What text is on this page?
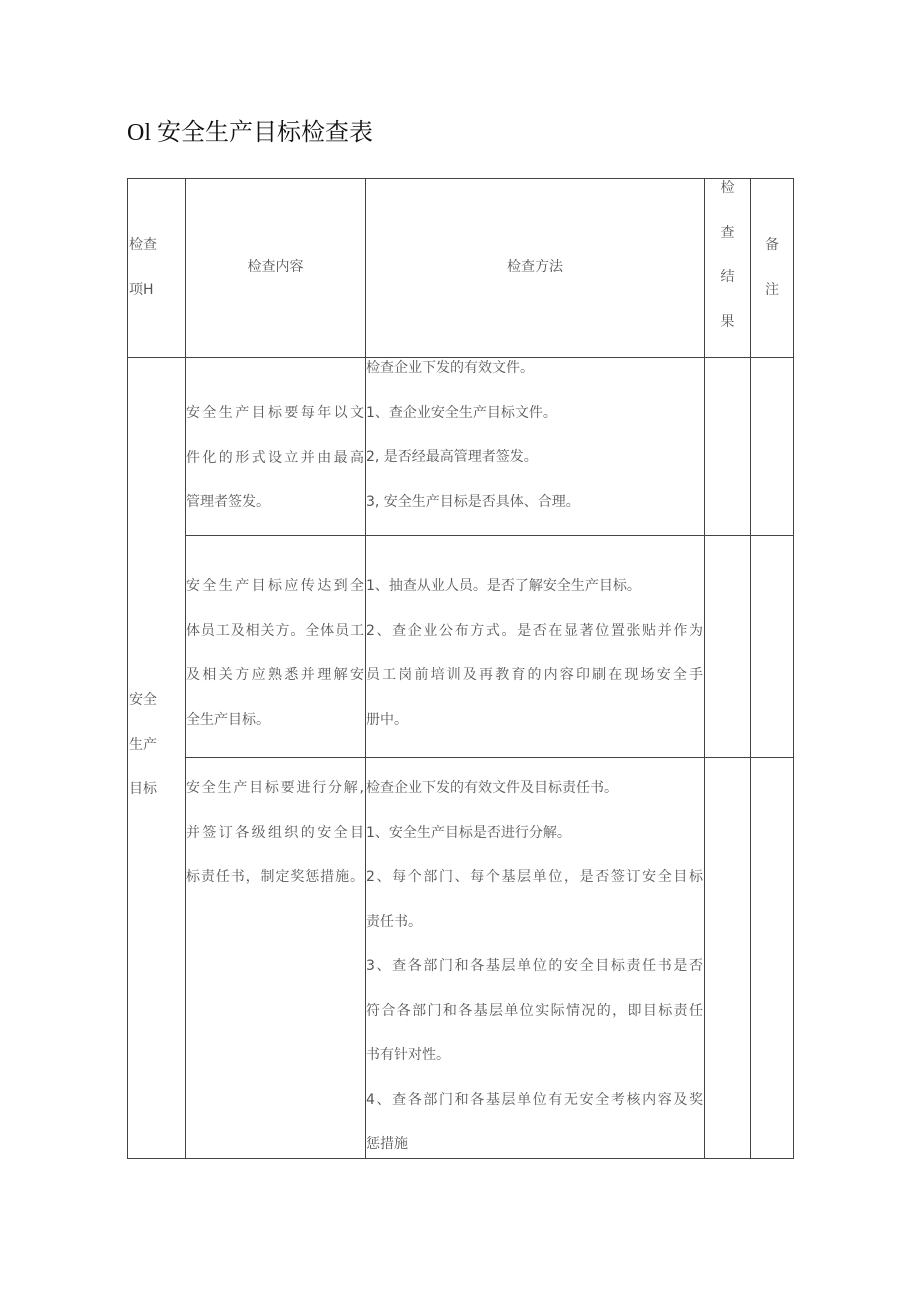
Ol 安全生产目标检查表
检查
项H
检查内容	检查方法
检
查
结
果
备
注
安全
生产
目标
安全生产目标要每年以文
件化的形式设立并由最高
管理者签发。
检查企业下发的有效文件。
1、查企业安全生产目标文件。
2, 是否经最高管理者签发。
3, 安全生产目标是否具体、合理。
安全生产目标应传达到全
体员工及相关方。全体员工
及相关方应熟悉并理解安
全生产目标。
1、抽查从业人员。是否了解安全生产目标。
2、查企业公布方式。是否在显著位置张贴并作为
员工岗前培训及再教育的内容印刷在现场安全手
册中。
安全生产目标要进行分解,
并签订各级组织的安全目
标责任书，制定奖惩措施。
检查企业下发的有效文件及目标责任书。
1、安全生产目标是否进行分解。
2、每个部门、每个基层单位，是否签订安全目标
责任书。
3、查各部门和各基层单位的安全目标责任书是否
符合各部门和各基层单位实际情况的，即目标责任
书有针对性。
4、查各部门和各基层单位有无安全考核内容及奖
惩措施
